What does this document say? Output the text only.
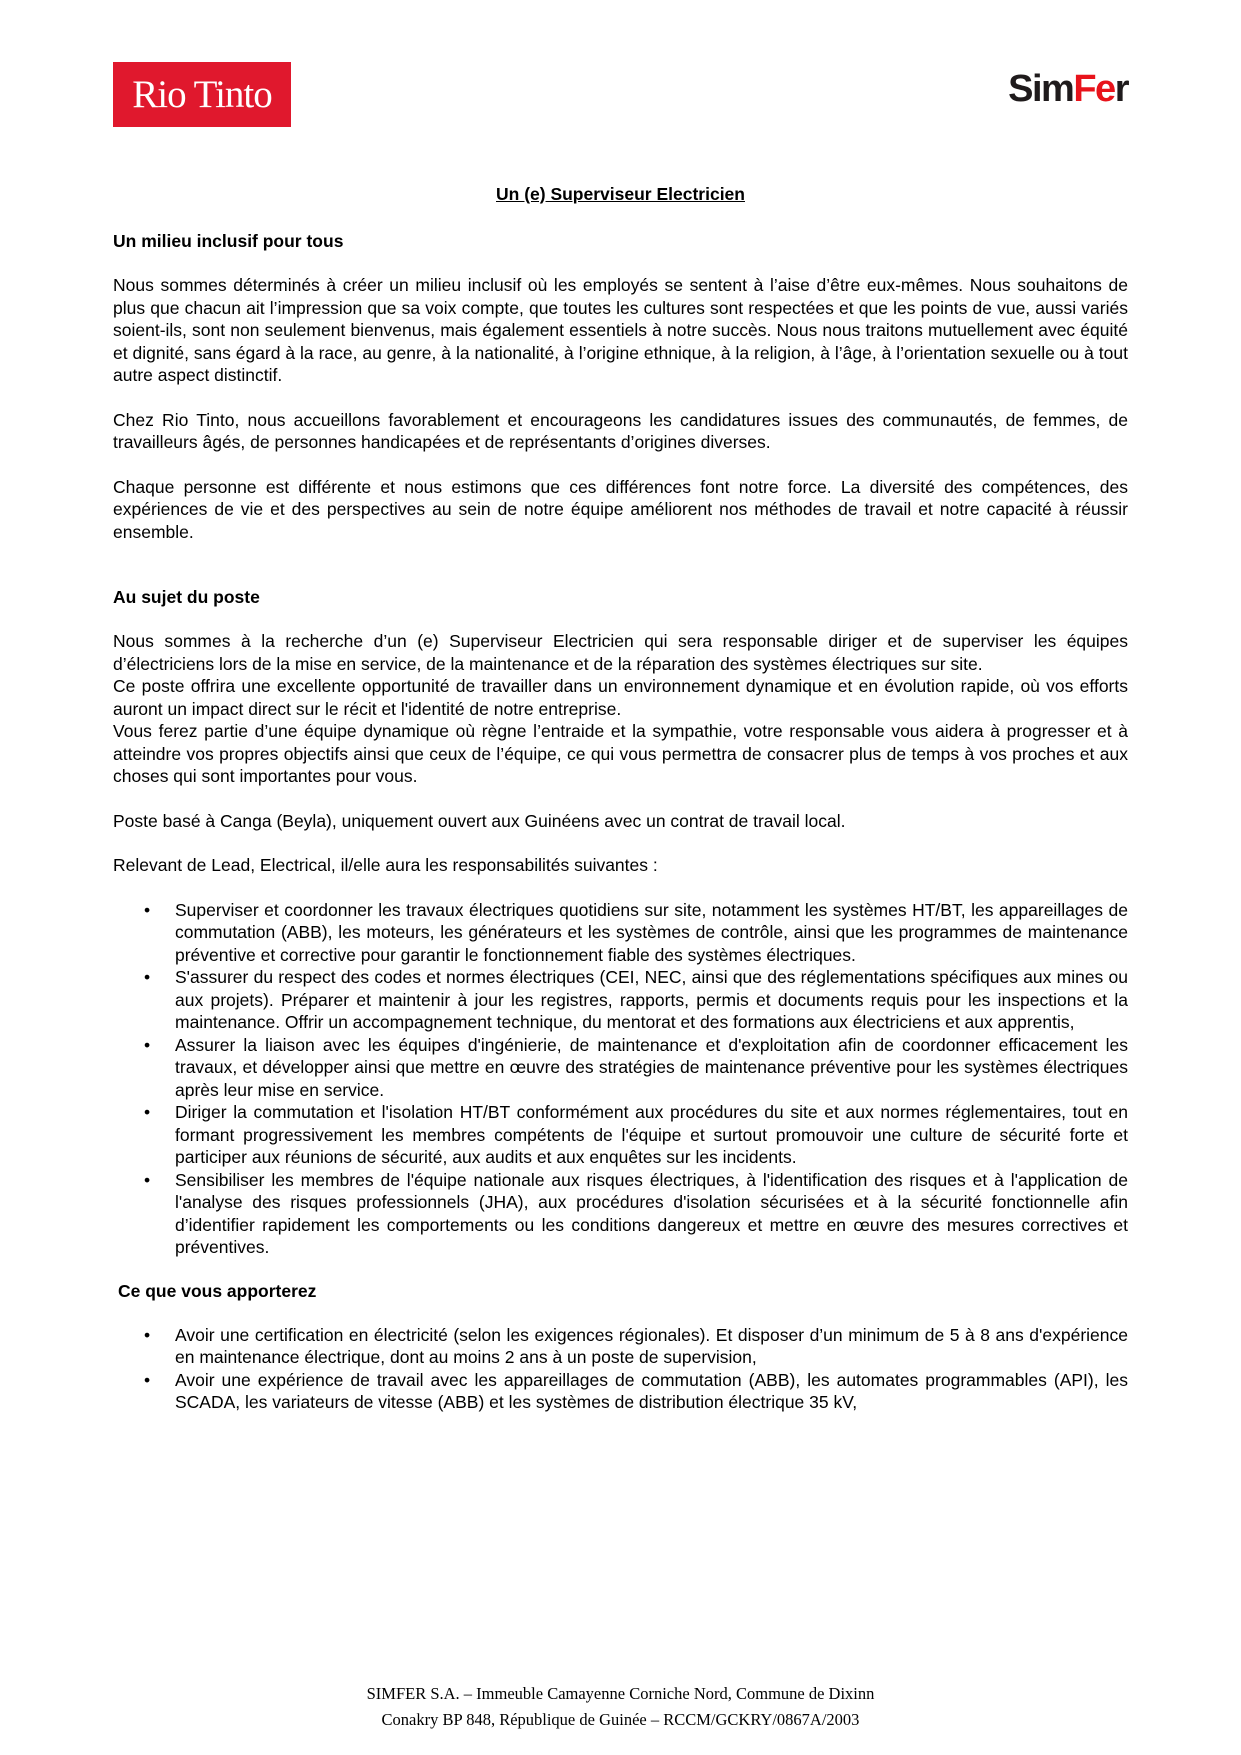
Rio Tinto	SimFer
Un (e) Superviseur Electricien
Un milieu inclusif pour tous

Nous sommes déterminés à créer un milieu inclusif où les employés se sentent à l’aise d’être eux-mêmes. Nous souhaitons de plus que chacun ait l’impression que sa voix compte, que toutes les cultures sont respectées et que les points de vue, aussi variés soient-ils, sont non seulement bienvenus, mais également essentiels à notre succès. Nous nous traitons mutuellement avec équité et dignité, sans égard à la race, au genre, à la nationalité, à l’origine ethnique, à la religion, à l’âge, à l’orientation sexuelle ou à tout autre aspect distinctif.

Chez Rio Tinto, nous accueillons favorablement et encourageons les candidatures issues des communautés, de femmes, de travailleurs âgés, de personnes handicapées et de représentants d’origines diverses.

Chaque personne est différente et nous estimons que ces différences font notre force. La diversité des compétences, des expériences de vie et des perspectives au sein de notre équipe améliorent nos méthodes de travail et notre capacité à réussir ensemble.

Au sujet du poste

Nous sommes à la recherche d’un (e) Superviseur Electricien qui sera responsable diriger et de superviser les équipes d’électriciens lors de la mise en service, de la maintenance et de la réparation des systèmes électriques sur site.

Ce poste offrira une excellente opportunité de travailler dans un environnement dynamique et en évolution rapide, où vos efforts auront un impact direct sur le récit et l'identité de notre entreprise.

Vous ferez partie d’une équipe dynamique où règne l’entraide et la sympathie, votre responsable vous aidera à progresser et à atteindre vos propres objectifs ainsi que ceux de l’équipe, ce qui vous permettra de consacrer plus de temps à vos proches et aux choses qui sont importantes pour vous.

Poste basé à Canga (Beyla), uniquement ouvert aux Guinéens avec un contrat de travail local.

Relevant de Lead, Electrical, il/elle aura les responsabilités suivantes :

• Superviser et coordonner les travaux électriques quotidiens sur site, notamment les systèmes HT/BT, les appareillages de commutation (ABB), les moteurs, les générateurs et les systèmes de contrôle, ainsi que les programmes de maintenance préventive et corrective pour garantir le fonctionnement fiable des systèmes électriques.
• S'assurer du respect des codes et normes électriques (CEI, NEC, ainsi que des réglementations spécifiques aux mines ou aux projets). Préparer et maintenir à jour les registres, rapports, permis et documents requis pour les inspections et la maintenance. Offrir un accompagnement technique, du mentorat et des formations aux électriciens et aux apprentis,
• Assurer la liaison avec les équipes d'ingénierie, de maintenance et d'exploitation afin de coordonner efficacement les travaux, et développer ainsi que mettre en œuvre des stratégies de maintenance préventive pour les systèmes électriques après leur mise en service.
• Diriger la commutation et l'isolation HT/BT conformément aux procédures du site et aux normes réglementaires, tout en formant progressivement les membres compétents de l'équipe et surtout promouvoir une culture de sécurité forte et participer aux réunions de sécurité, aux audits et aux enquêtes sur les incidents.
• Sensibiliser les membres de l'équipe nationale aux risques électriques, à l'identification des risques et à l'application de l'analyse des risques professionnels (JHA), aux procédures d'isolation sécurisées et à la sécurité fonctionnelle afin d’identifier rapidement les comportements ou les conditions dangereux et mettre en œuvre des mesures correctives et préventives.
Ce que vous apporterez
• Avoir une certification en électricité (selon les exigences régionales). Et disposer d’un minimum de 5 à 8 ans d'expérience en maintenance électrique, dont au moins 2 ans à un poste de supervision,
• Avoir une expérience de travail avec les appareillages de commutation (ABB), les automates programmables (API), les SCADA, les variateurs de vitesse (ABB) et les systèmes de distribution électrique 35 kV,
SIMFER S.A. – Immeuble Camayenne Corniche Nord, Commune de Dixinn
Conakry BP 848, République de Guinée – RCCM/GCKRY/0867A/2003
